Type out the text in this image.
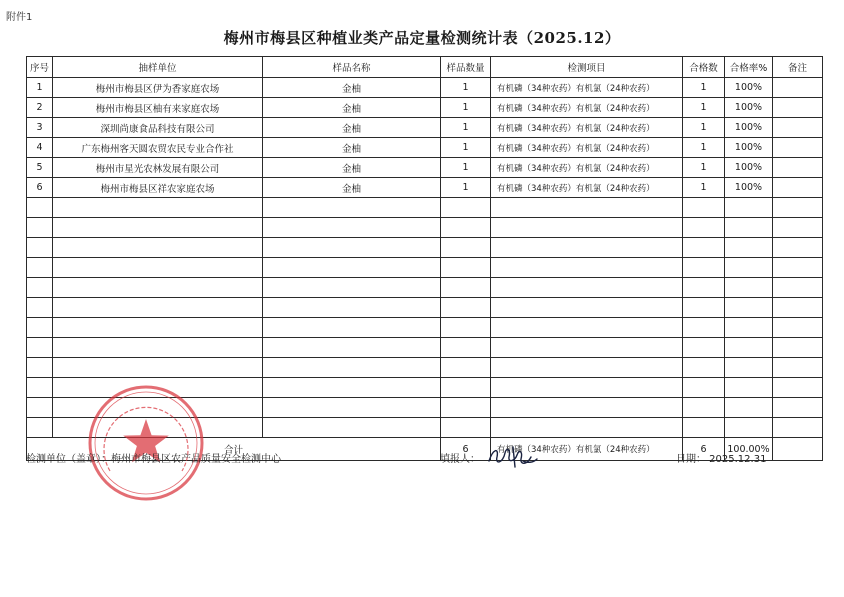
附件1
梅州市梅县区种植业类产品定量检测统计表（2025.12）
序号	抽样单位	样品名称	样品数量	检测项目	合格数	合格率%	备注
1	梅州市梅县区伊为香家庭农场	金柚	1	有机磷（34种农药）有机氯（24种农药）	1	100%	
2	梅州市梅县区柚有来家庭农场	金柚	1	有机磷（34种农药）有机氯（24种农药）	1	100%	
3	深圳尚康食品科技有限公司	金柚	1	有机磷（34种农药）有机氯（24种农药）	1	100%	
4	广东梅州客天圆农贸农民专业合作社	金柚	1	有机磷（34种农药）有机氯（24种农药）	1	100%	
5	梅州市星光农林发展有限公司	金柚	1	有机磷（34种农药）有机氯（24种农药）	1	100%	
6	梅州市梅县区祥农家庭农场	金柚	1	有机磷（34种农药）有机氯（24种农药）	1	100%	

合计			6	有机磷（34种农药）有机氯（24种农药）	6	100.00%	
检测单位（盖章）：梅州市梅县区农产品质量安全检测中心	填报人：	日期： 2025.12.31
